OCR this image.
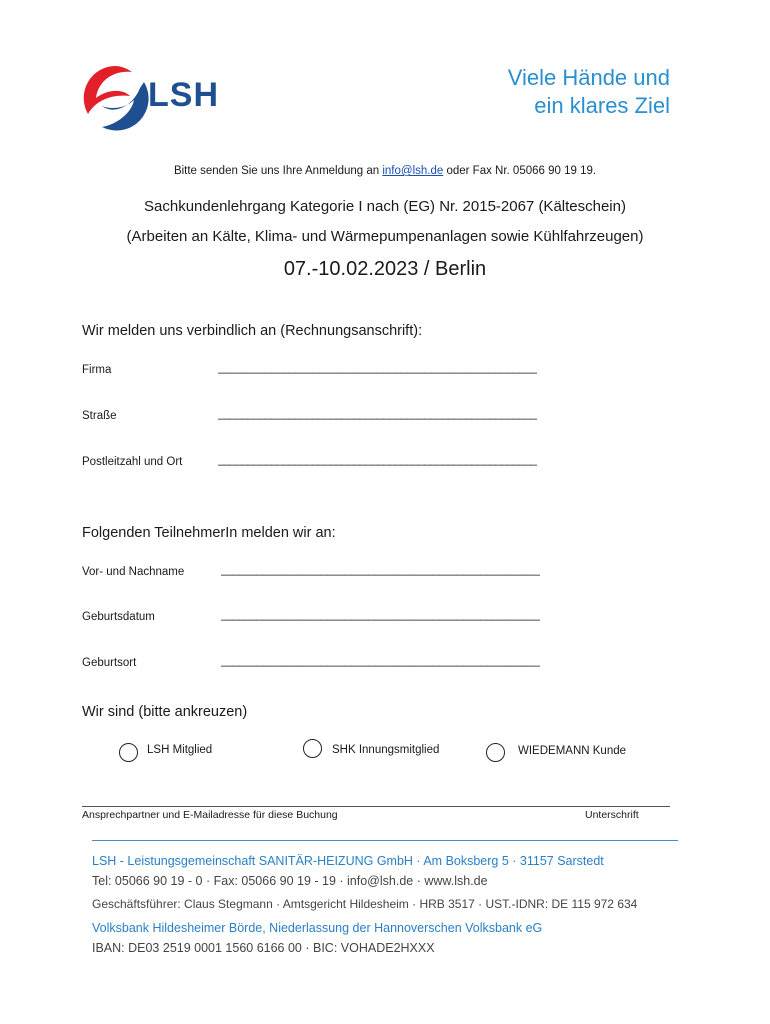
LSH	Viele Hände und
ein klares Ziel
Bitte senden Sie uns Ihre Anmeldung an info@lsh.de oder Fax Nr. 05066 90 19 19.
Sachkundenlehrgang Kategorie I nach (EG) Nr. 2015-2067 (Kälteschein)
(Arbeiten an Kälte, Klima- und Wärmepumpenanlagen sowie Kühlfahrzeugen)
07.-10.02.2023 / Berlin
Wir melden uns verbindlich an (Rechnungsanschrift):
Firma	______________________________________________________
Straße	______________________________________________________
Postleitzahl und Ort	______________________________________________________
Folgenden TeilnehmerIn melden wir an:
Vor- und Nachname	______________________________________________________
Geburtsdatum	______________________________________________________
Geburtsort	______________________________________________________
Wir sind (bitte ankreuzen)
LSH Mitglied	SHK Innungsmitglied	WIEDEMANN Kunde
Ansprechpartner und E-Mailadresse für diese Buchung	Unterschrift
LSH - Leistungsgemeinschaft SANITÄR-HEIZUNG GmbH · Am Boksberg 5 · 31157 Sarstedt
Tel: 05066 90 19 - 0 · Fax: 05066 90 19 - 19 · info@lsh.de · www.lsh.de
Geschäftsführer: Claus Stegmann · Amtsgericht Hildesheim · HRB 3517 · UST.-IDNR: DE 115 972 634
Volksbank Hildesheimer Börde, Niederlassung der Hannoverschen Volksbank eG
IBAN: DE03 2519 0001 1560 6166 00 · BIC: VOHADE2HXXX
